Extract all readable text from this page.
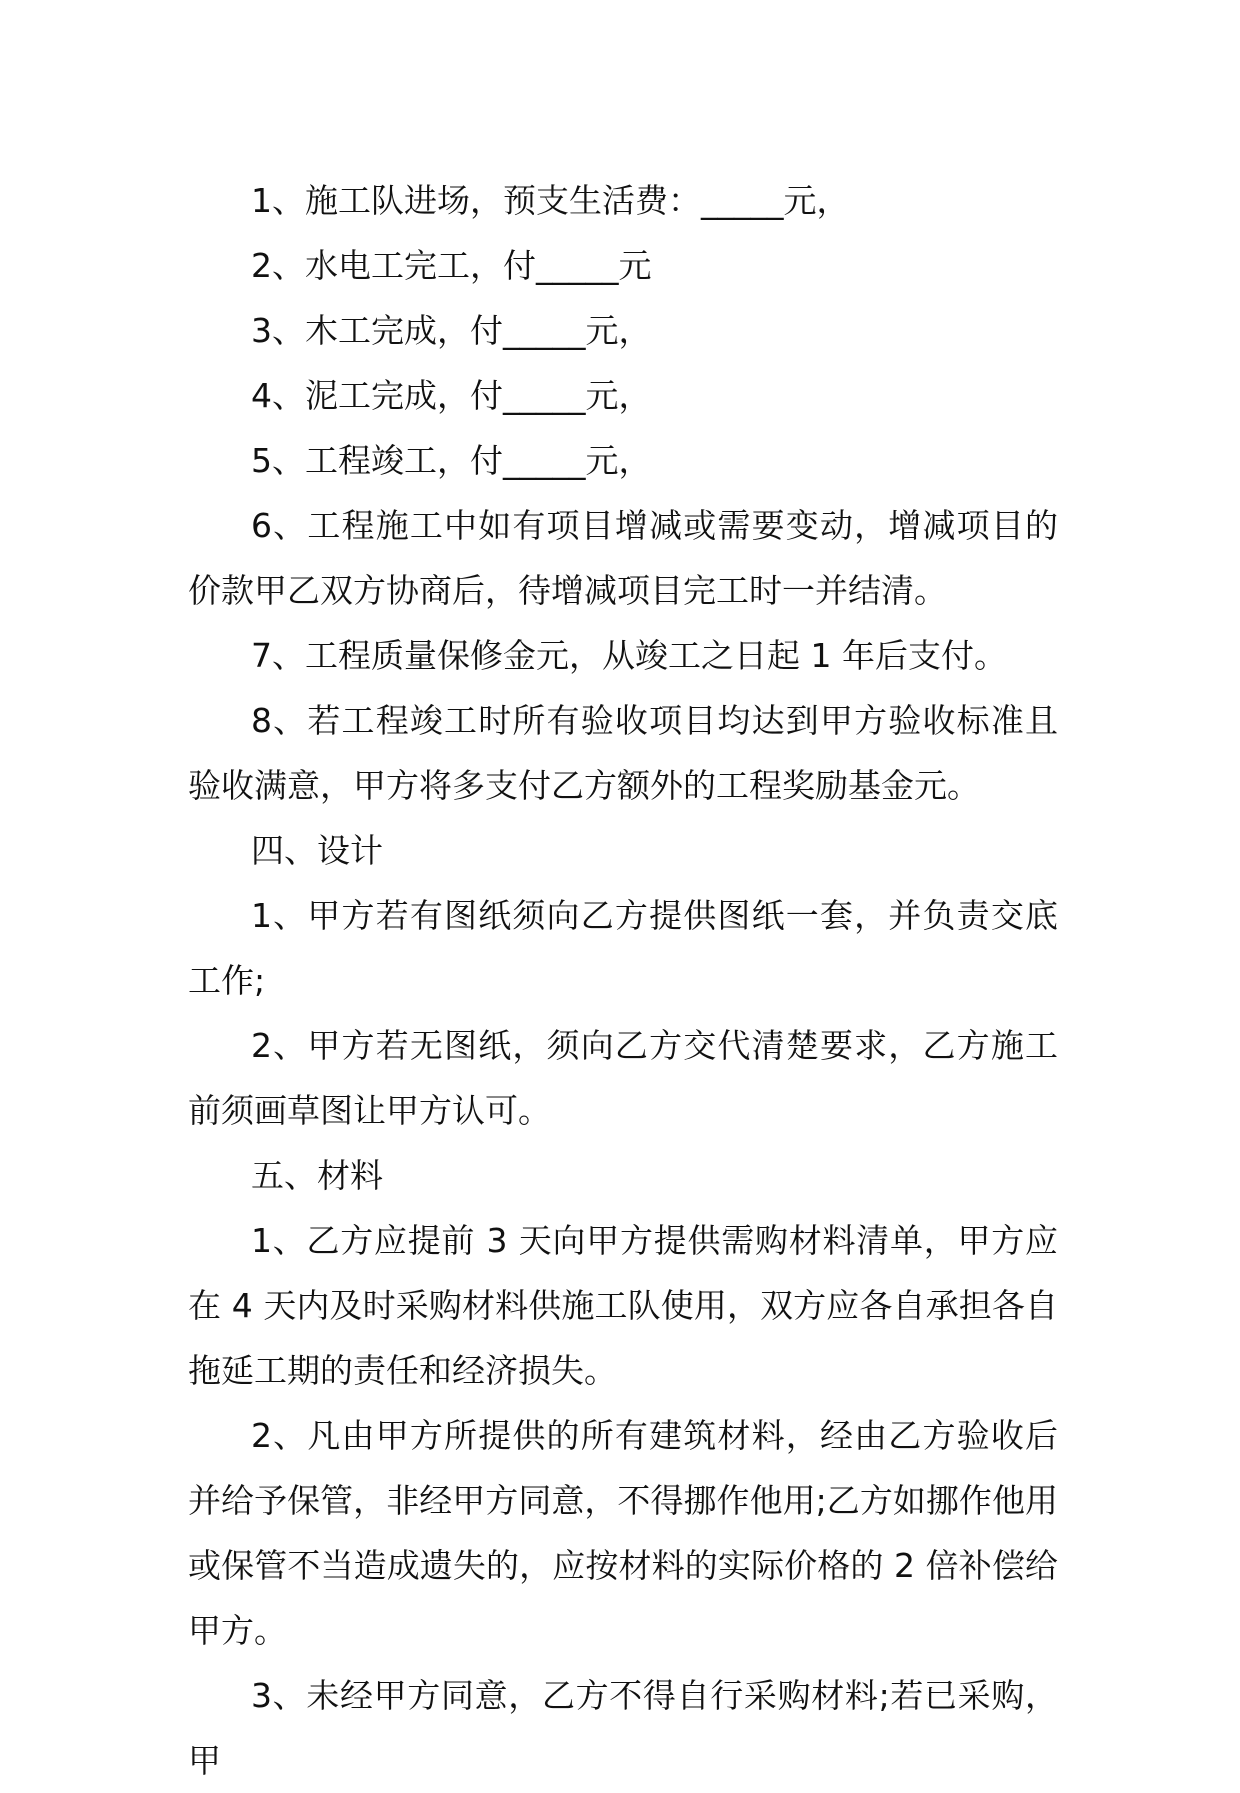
1、施工队进场，预支生活费：_____元，

2、水电工完工，付_____元

3、木工完成，付_____元，

4、泥工完成，付_____元，

5、工程竣工，付_____元，

6、工程施工中如有项目增减或需要变动，增减项目的价款甲乙双方协商后，待增减项目完工时一并结清。

7、工程质量保修金元，从竣工之日起 1 年后支付。

8、若工程竣工时所有验收项目均达到甲方验收标准且验收满意，甲方将多支付乙方额外的工程奖励基金元。

四、设计

1、甲方若有图纸须向乙方提供图纸一套，并负责交底工作;

2、甲方若无图纸，须向乙方交代清楚要求，乙方施工前须画草图让甲方认可。

五、材料

1、乙方应提前 3 天向甲方提供需购材料清单，甲方应在 4 天内及时采购材料供施工队使用，双方应各自承担各自拖延工期的责任和经济损失。

2、凡由甲方所提供的所有建筑材料，经由乙方验收后并给予保管，非经甲方同意，不得挪作他用;乙方如挪作他用或保管不当造成遗失的，应按材料的实际价格的 2 倍补偿给甲方。

3、未经甲方同意，乙方不得自行采购材料;若已采购，甲
